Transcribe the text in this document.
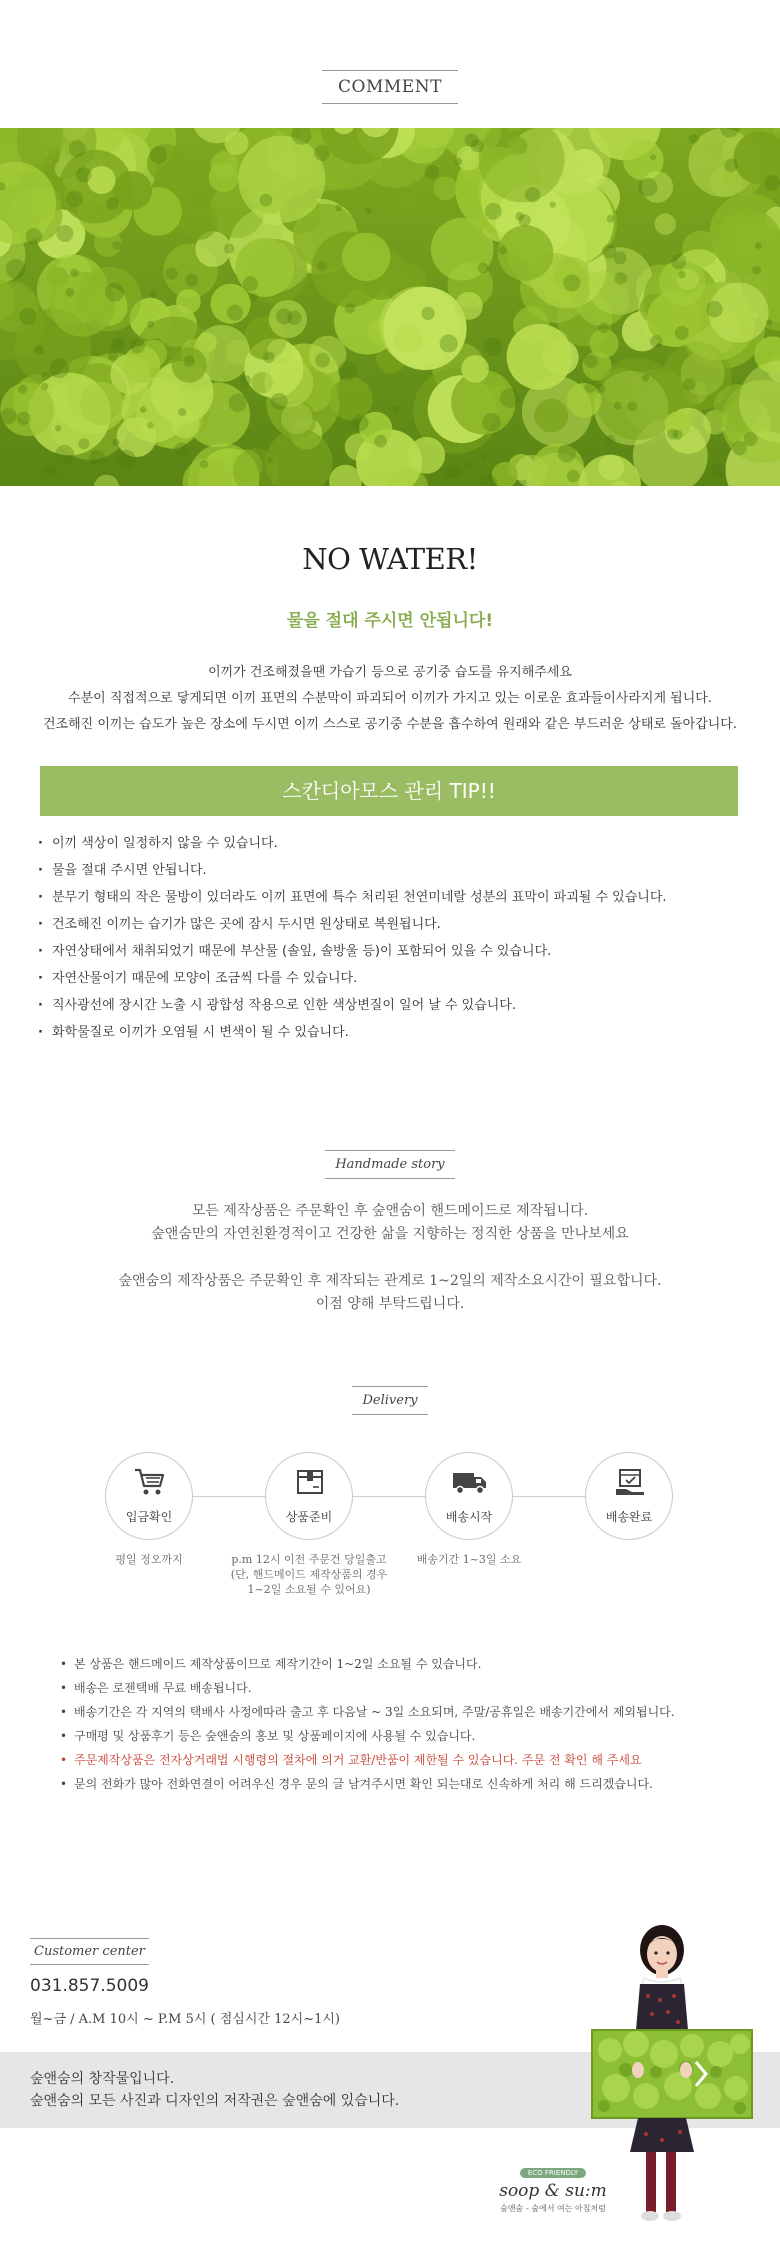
COMMENT
NO WATER!
물을 절대 주시면 안됩니다!
이끼가 건조해졌을땐 가습기 등으로 공기중 습도를 유지해주세요
수분이 직접적으로 닿게되면 이끼 표면의 수분막이 파괴되어 이끼가 가지고 있는 이로운 효과들이사라지게 됩니다.
건조해진 이끼는 습도가 높은 장소에 두시면 이끼 스스로 공기중 수분을 흡수하여 원래와 같은 부드러운 상태로 돌아갑니다.
스칸디아모스 관리 TIP!!
· 이끼 색상이 일정하지 않을 수 있습니다.
· 물을 절대 주시면 안됩니다.
· 분무기 형태의 작은 물방이 있더라도 이끼 표면에 특수 처리된 천연미네랄 성분의 표막이 파괴될 수 있습니다.
· 건조해진 이끼는 습기가 많은 곳에 잠시 두시면 원상태로 복원됩니다.
· 자연상태에서 채취되었기 때문에 부산물 (솔잎, 솔방울 등)이 포함되어 있을 수 있습니다.
· 자연산물이기 때문에 모양이 조금씩 다를 수 있습니다.
· 직사광선에 장시간 노출 시 광합성 작용으로 인한 색상변질이 일어 날 수 있습니다.
· 화학물질로 이끼가 오염될 시 변색이 될 수 있습니다.
Handmade story

모든 제작상품은 주문확인 후 숲앤숨이 핸드메이드로 제작됩니다.
숲앤숨만의 자연친환경적이고 건강한 삶을 지향하는 정직한 상품을 만나보세요

숲앤숨의 제작상품은 주문확인 후 제작되는 관계로 1~2일의 제작소요시간이 필요합니다.
이점 양해 부탁드립니다.

Delivery
입금확인
평일 정오까지
상품준비
p.m 12시 이전 주문건 당일출고
(단, 핸드메이드 제작상품의 경우
1~2일 소요될 수 있어요)
배송시작
배송기간 1~3일 소요
배송완료
• 본 상품은 핸드메이드 제작상품이므로 제작기간이 1~2일 소요될 수 있습니다.
• 배송은 로젠택배 무료 배송됩니다.
• 배송기간은 각 지역의 택배사 사정에따라 출고 후 다음날 ~ 3일 소요되며, 주말/공휴일은 배송기간에서 제외됩니다.
• 구매평 및 상품후기 등은 숲앤숨의 홍보 및 상품페이지에 사용될 수 있습니다.
• 주문제작상품은 전자상거래법 시행령의 절차에 의거 교환/반품이 제한될 수 있습니다. 주문 전 확인 해 주세요
• 문의 전화가 많아 전화연결이 어려우신 경우 문의 글 남겨주시면 확인 되는대로 신속하게 처리 해 드리겠습니다.
Customer center
031.857.5009
월~금 / A.M 10시 ~ P.M 5시 ( 점심시간 12시~1시)
숲앤숨의 창작물입니다.
숲앤숨의 모든 사진과 디자인의 저작권은 숲앤숨에 있습니다.
ECO FRIENDLY
soop & su:m
숲앤숨 - 숲에서 여는 아침처럼
